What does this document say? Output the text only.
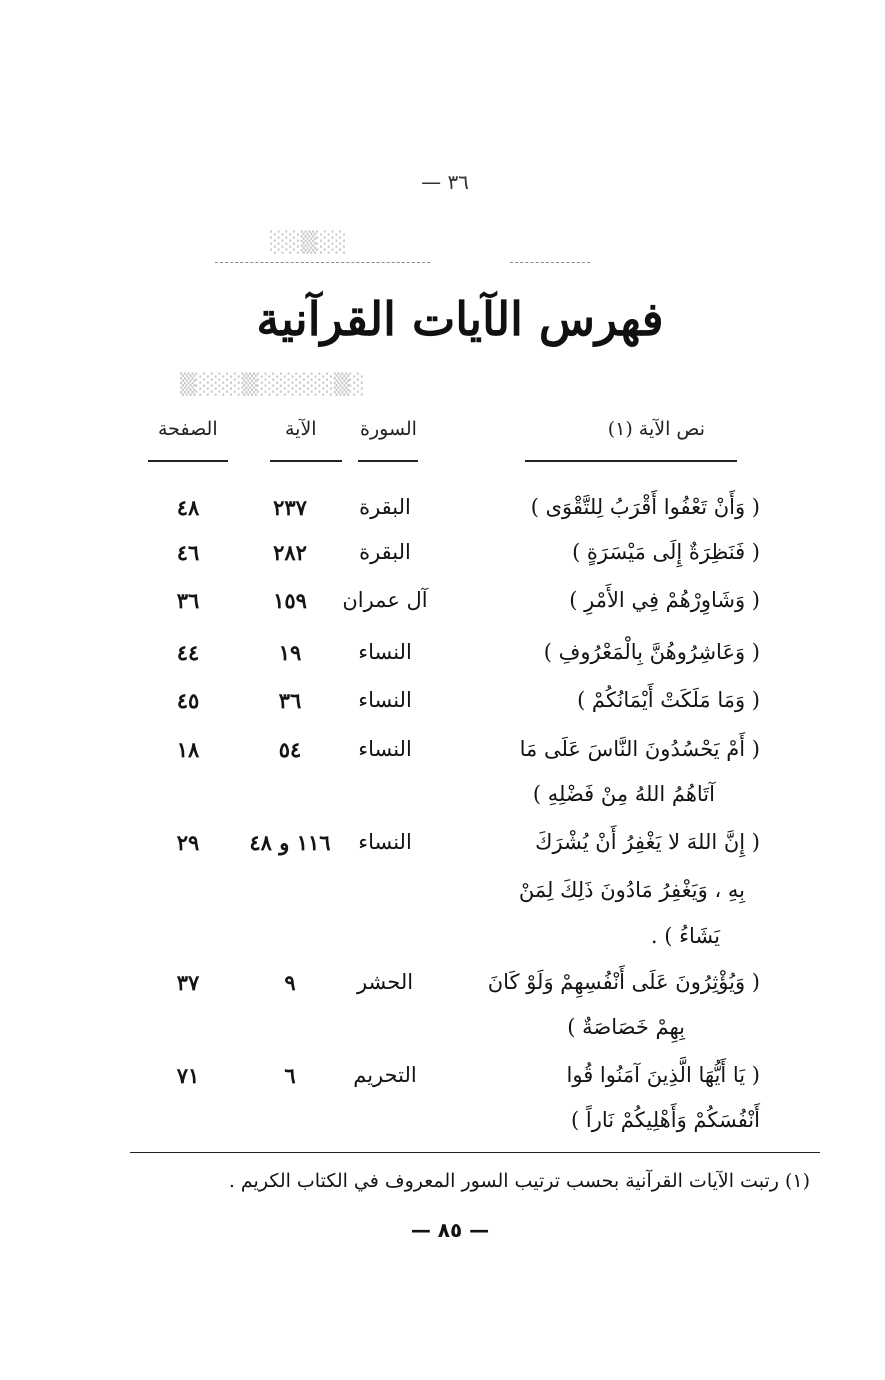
— ٣٦
‎░░▒░░‎
‎▒░░░▒░░░░░▒░‎
فهرس الآيات القرآنية
نص الآية (١)
السورة
الآية
الصفحة
( وَأَنْ تَعْفُوا أَقْرَبُ لِلتَّقْوَى )
البقرة
٢٣٧
٤٨
( فَنَظِرَةٌ إِلَى مَيْسَرَةٍ )
البقرة
٢٨٢
٤٦
( وَشَاوِرْهُمْ فِي الأَمْرِ )
آل عمران
١٥٩
٣٦
( وَعَاشِرُوهُنَّ بِالْمَعْرُوفِ )
النساء
١٩
٤٤
( وَمَا مَلَكَتْ أَيْمَانُكُمْ )
النساء
٣٦
٤٥
( أَمْ يَحْسُدُونَ النَّاسَ عَلَى مَا
آتَاهُمُ اللهُ مِنْ فَضْلِهِ )
النساء
٥٤
١٨
( إِنَّ اللهَ لا يَغْفِرُ أَنْ يُشْرَكَ
بِهِ ، وَيَغْفِرُ مَادُونَ ذَلِكَ لِمَنْ
يَشَاءُ ) .
النساء
١١٦ و ٤٨
٢٩
( وَيُؤْثِرُونَ عَلَى أَنْفُسِهِمْ وَلَوْ كَانَ
بِهِمْ خَصَاصَةٌ )
الحشر
٩
٣٧
( يَا أَيُّهَا الَّذِينَ آمَنُوا قُوا
أَنْفُسَكُمْ وَأَهْلِيكُمْ نَاراً )
التحريم
٦
٧١
(١) رتبت الآيات القرآنية بحسب ترتيب السور المعروف في الكتاب الكريم .
— ٨٥ —
